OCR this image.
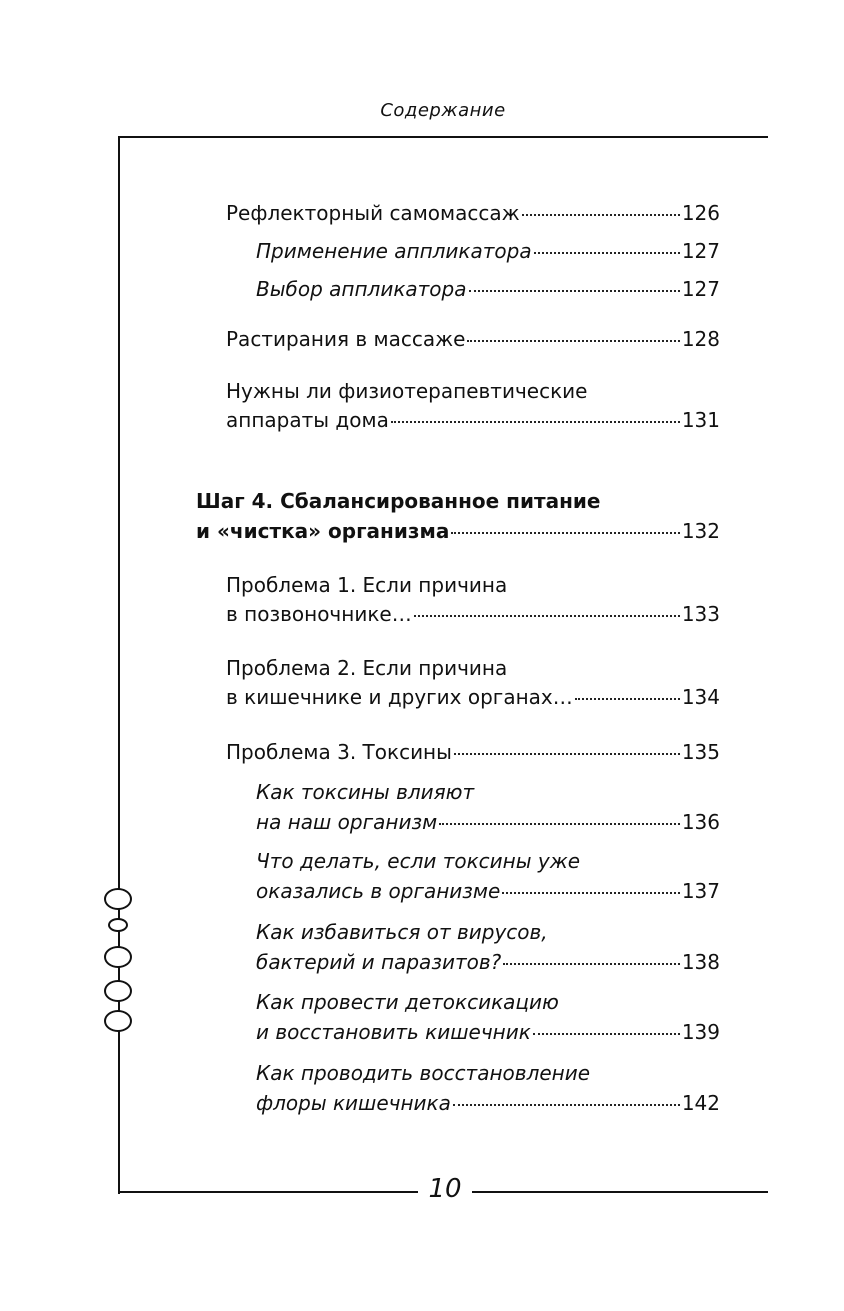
Содержание
10
Рефлекторный самомассаж	126
Применение аппликатора	127
Выбор аппликатора	127
Растирания в массаже	128
Нужны ли физиотерапевтические
аппараты дома	131
Шаг 4. Сбалансированное питание
и «чистка» организма	132
Проблема 1. Если причина
в позвоночнике…	133
Проблема 2. Если причина
в кишечнике и других органах…	134
Проблема 3. Токсины	135
Как токсины влияют
на наш организм	136
Что делать, если токсины уже
оказались в организме	137
Как избавиться от вирусов,
бактерий и паразитов?	138
Как провести детоксикацию
и восстановить кишечник	139
Как проводить восстановление
флоры кишечника	142
